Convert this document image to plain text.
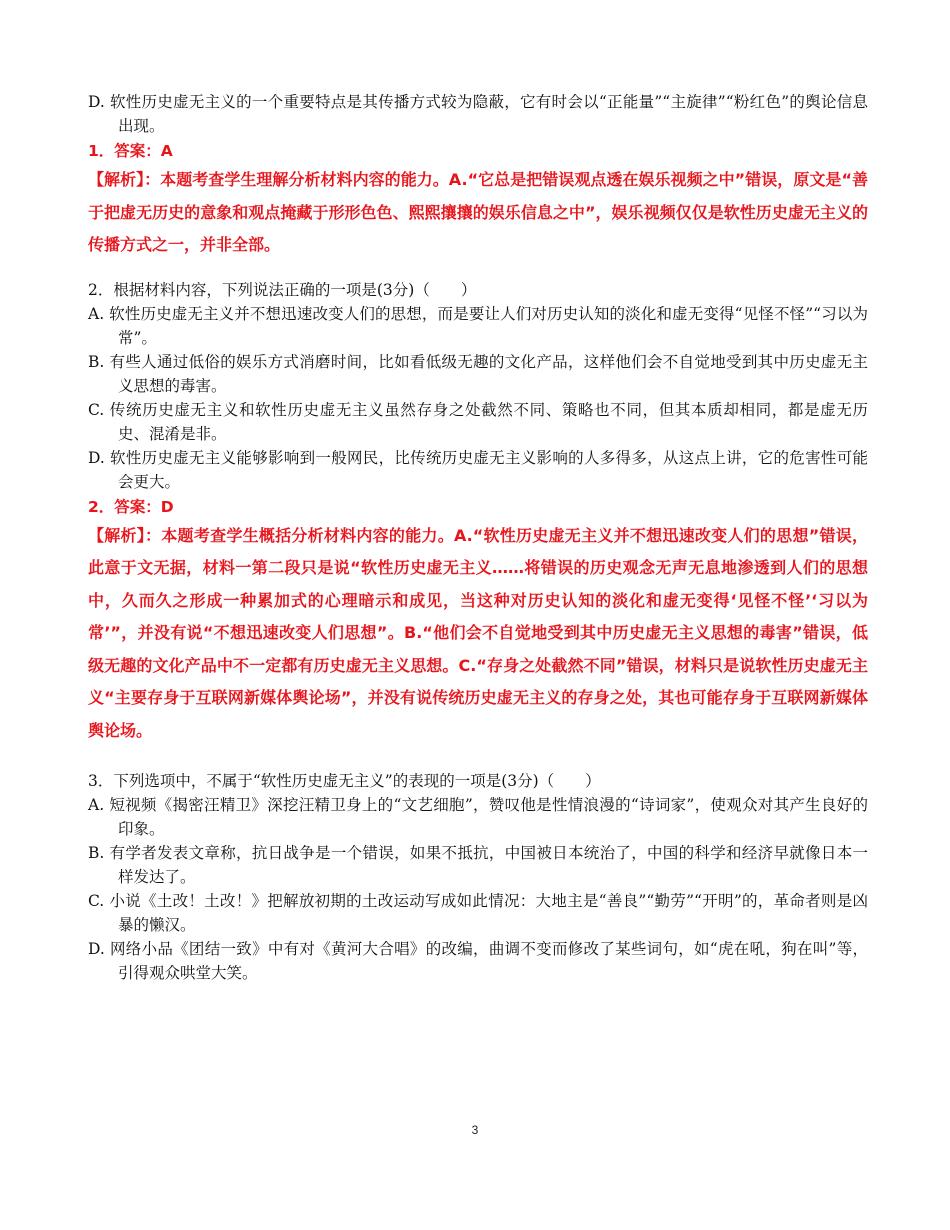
D. 软性历史虚无主义的一个重要特点是其传播方式较为隐蔽，它有时会以“正能量”“主旋律”“粉红色”的舆论信息出现。

1．答案：A

【解析】：本题考查学生理解分析材料内容的能力。A.“它总是把错误观点透在娱乐视频之中”错误，原文是“善于把虚无历史的意象和观点掩藏于形形色色、熙熙攘攘的娱乐信息之中”，娱乐视频仅仅是软性历史虚无主义的传播方式之一，并非全部。

2．根据材料内容，下列说法正确的一项是(3分)（　　）

A. 软性历史虚无主义并不想迅速改变人们的思想，而是要让人们对历史认知的淡化和虚无变得“见怪不怪”“习以为常”。

B. 有些人通过低俗的娱乐方式消磨时间，比如看低级无趣的文化产品，这样他们会不自觉地受到其中历史虚无主义思想的毒害。

C. 传统历史虚无主义和软性历史虚无主义虽然存身之处截然不同、策略也不同，但其本质却相同，都是虚无历史、混淆是非。

D. 软性历史虚无主义能够影响到一般网民，比传统历史虚无主义影响的人多得多，从这点上讲，它的危害性可能会更大。

2．答案：D

【解析】：本题考查学生概括分析材料内容的能力。A.“软性历史虚无主义并不想迅速改变人们的思想”错误，此意于文无据，材料一第二段只是说“软性历史虚无主义……将错误的历史观念无声无息地渗透到人们的思想中，久而久之形成一种累加式的心理暗示和成见，当这种对历史认知的淡化和虚无变得‘见怪不怪’‘习以为常’”，并没有说“不想迅速改变人们思想”。B.“他们会不自觉地受到其中历史虚无主义思想的毒害”错误，低级无趣的文化产品中不一定都有历史虚无主义思想。C.“存身之处截然不同”错误，材料只是说软性历史虚无主义“主要存身于互联网新媒体舆论场”，并没有说传统历史虚无主义的存身之处，其也可能存身于互联网新媒体舆论场。

3．下列选项中，不属于“软性历史虚无主义”的表现的一项是(3分)（　　）

A. 短视频《揭密汪精卫》深挖汪精卫身上的“文艺细胞”，赞叹他是性情浪漫的“诗词家”，使观众对其产生良好的印象。

B. 有学者发表文章称，抗日战争是一个错误，如果不抵抗，中国被日本统治了，中国的科学和经济早就像日本一样发达了。

C. 小说《土改！土改！》把解放初期的土改运动写成如此情况：大地主是“善良”“勤劳”“开明”的，革命者则是凶暴的懒汉。

D. 网络小品《团结一致》中有对《黄河大合唱》的改编，曲调不变而修改了某些词句，如“虎在吼，狗在叫”等，引得观众哄堂大笑。

3
